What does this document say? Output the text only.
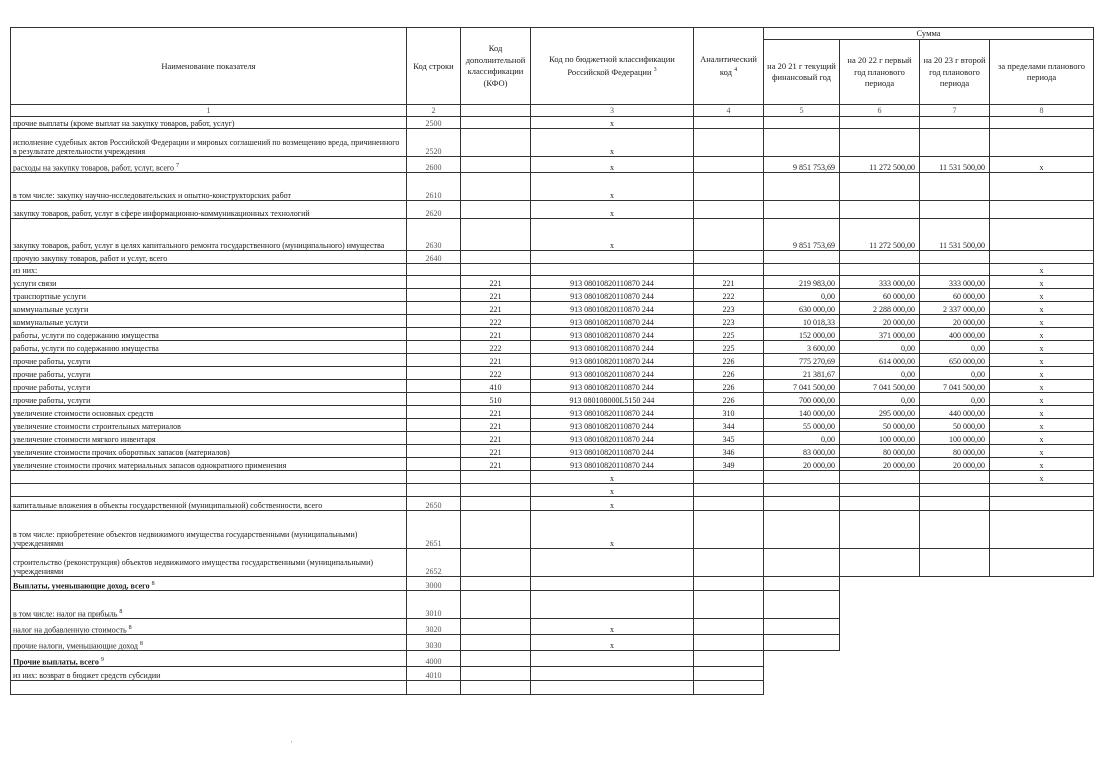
Наименование показателя	Код строки	Код дополнительной классификации (КФО)	Код по бюджетной классификации Российской Федерации $^3$	Аналитический код $^4$	Сумма			
					на 20 21 г текущий финансовый год	на 20 22 г первый год планового периода	на 20 23 г второй год планового периода	за пределами планового периода
1	2		3	4	5	6	7	8
прочие выплаты (кроме выплат на закупку товаров, работ, услуг)	2500		x					
исполнение судебных актов Российской Федерации и мировых соглашений по возмещению вреда, причиненного в результате деятельности учреждения	2520		x					
расходы на закупку товаров, работ, услуг, всего $^7$	2600		x		9 851 753,69	11 272 500,00	11 531 500,00	x
в том числе: закупку научно-исследовательских и опытно-конструкторских работ	2610		x					
закупку товаров, работ, услуг в сфере информационно-коммуникационных технологий	2620		x					
закупку товаров, работ, услуг в целях капитального ремонта государственного (муниципального) имущества	2630		x		9 851 753,69	11 272 500,00	11 531 500,00	
прочую закупку товаров, работ и услуг, всего	2640							
из них:								x
услуги связи		221	913 08010820110870 244	221	219 983,00	333 000,00	333 000,00	x
транспортные услуги		221	913 08010820110870 244	222	0,00	60 000,00	60 000,00	x
коммунальные услуги		221	913 08010820110870 244	223	630 000,00	2 288 000,00	2 337 000,00	x
коммунальные услуги		222	913 08010820110870 244	223	10 018,33	20 000,00	20 000,00	x
работы, услуги по содержанию имущества		221	913 08010820110870 244	225	152 000,00	371 000,00	400 000,00	x
работы, услуги по содержанию имущества		222	913 08010820110870 244	225	3 600,00	0,00	0,00	x
прочие работы, услуги		221	913 08010820110870 244	226	775 270,69	614 000,00	650 000,00	x
прочие работы, услуги		222	913 08010820110870 244	226	21 381,67	0,00	0,00	x
прочие работы, услуги		410	913 08010820110870 244	226	7 041 500,00	7 041 500,00	7 041 500,00	x
прочие работы, услуги		510	913 080108000L5150 244	226	700 000,00	0,00	0,00	x
увеличение стоимости основных средств		221	913 08010820110870 244	310	140 000,00	295 000,00	440 000,00	x
увеличение стоимости строительных материалов		221	913 08010820110870 244	344	55 000,00	50 000,00	50 000,00	x
увеличение стоимости мягкого инвентаря		221	913 08010820110870 244	345	0,00	100 000,00	100 000,00	x
увеличение стоимости прочих оборотных запасов (материалов)		221	913 08010820110870 244	346	83 000,00	80 000,00	80 000,00	x
увеличение стоимости прочих материальных запасов однократного применения		221	913 08010820110870 244	349	20 000,00	20 000,00	20 000,00	x
			x					x
			x					
капитальные вложения в объекты государственной (муниципальной) собственности, всего	2650		x					
в том числе: приобретение объектов недвижимого имущества государственными (муниципальными) учреждениями	2651		x					
строительство (реконструкция) объектов недвижимого имущества государственными (муниципальными) учреждениями	2652							
Выплаты, уменьшающие доход, всего $^8$	3000							
в том числе: налог на прибыль $^8$	3010							
налог на добавленную стоимость $^8$	3020		x					
прочие налоги, уменьшающие доход $^8$	3030		x					
Прочие выплаты, всего $^9$	4000							
из них: возврат в бюджет средств субсидии	4010							

'
